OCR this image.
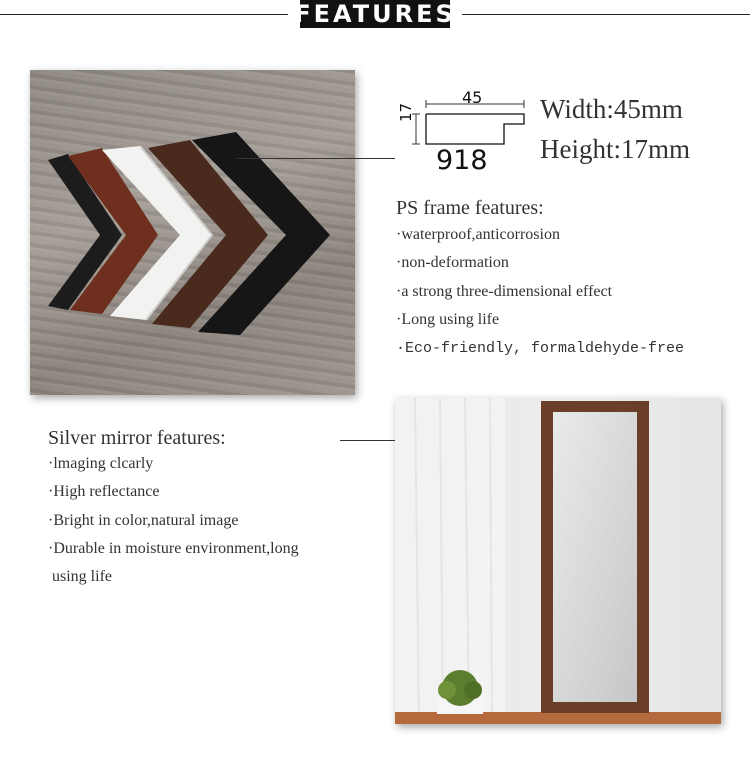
FEATURES
45
17
918
Width:45mm
Height:17mm
PS frame features:
·waterproof,anticorrosion
·non-deformation
·a strong three-dimensional effect
·Long using life
·Eco-friendly, formaldehyde-free
Silver mirror features:
·lmaging clcarly
·High reflectance
·Bright in color,natural image
·Durable in moisture environment,long
using life
